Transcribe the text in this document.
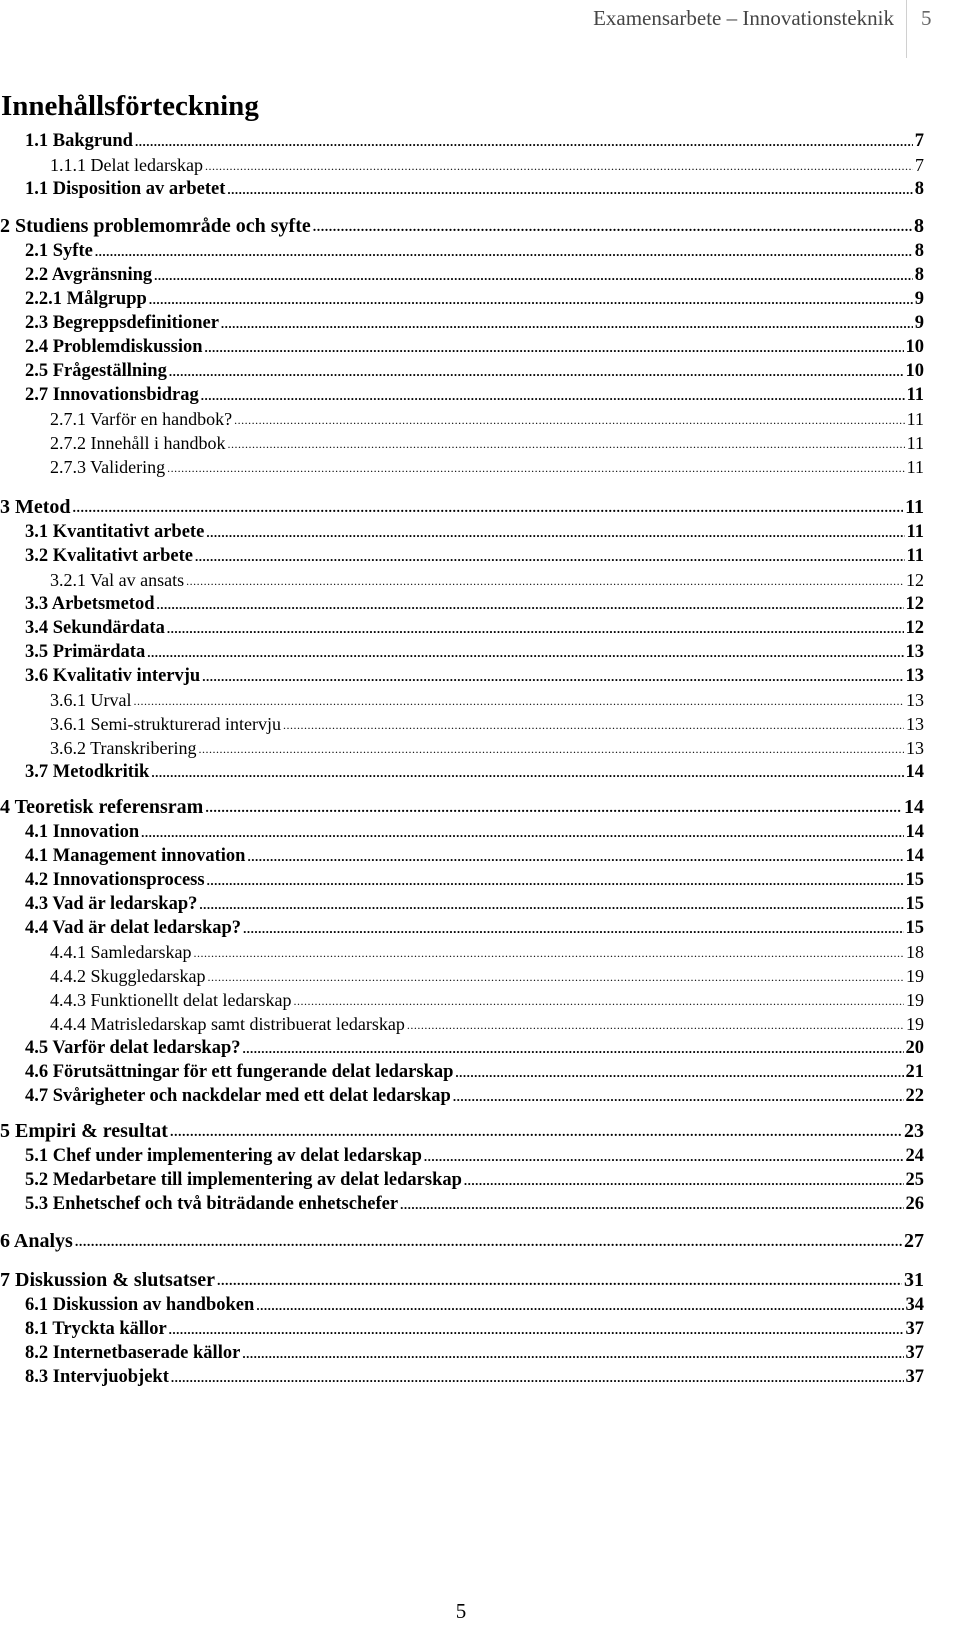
Examensarbete – Innovationsteknik 5
Innehållsförteckning
1.1 Bakgrund .....	7
1.1.1 Delat ledarskap .....	7
1.1 Disposition av arbetet .....	8
2 Studiens problemområde och syfte .....	8
2.1 Syfte .....	8
2.2 Avgränsning .....	8
2.2.1 Målgrupp .....	9
2.3 Begreppsdefinitioner .....	9
2.4 Problemdiskussion .....	10
2.5 Frågeställning .....	10
2.7 Innovationsbidrag .....	11
2.7.1 Varför en handbok? .....	11
2.7.2 Innehåll i handbok .....	11
2.7.3 Validering .....	11
3 Metod .....	11
3.1 Kvantitativt arbete .....	11
3.2 Kvalitativt arbete .....	11
3.2.1 Val av ansats .....	12
3.3 Arbetsmetod .....	12
3.4 Sekundärdata .....	12
3.5 Primärdata .....	13
3.6 Kvalitativ intervju .....	13
3.6.1 Urval .....	13
3.6.1 Semi-strukturerad intervju .....	13
3.6.2 Transkribering .....	13
3.7 Metodkritik .....	14
4 Teoretisk referensram .....	14
4.1 Innovation .....	14
4.1 Management innovation .....	14
4.2 Innovationsprocess .....	15
4.3 Vad är ledarskap? .....	15
4.4 Vad är delat ledarskap? .....	15
4.4.1 Samledarskap .....	18
4.4.2 Skuggledarskap .....	19
4.4.3 Funktionellt delat ledarskap .....	19
4.4.4 Matrisledarskap samt distribuerat ledarskap .....	19
4.5 Varför delat ledarskap? .....	20
4.6 Förutsättningar för ett fungerande delat ledarskap .....	21
4.7 Svårigheter och nackdelar med ett delat ledarskap .....	22
5 Empiri & resultat .....	23
5.1 Chef under implementering av delat ledarskap .....	24
5.2 Medarbetare till implementering av delat ledarskap .....	25
5.3 Enhetschef och två biträdande enhetschefer .....	26
6 Analys .....	27
7 Diskussion & slutsatser .....	31
6.1 Diskussion av handboken .....	34
8.1 Tryckta källor .....	37
8.2 Internetbaserade källor .....	37
8.3 Intervjuobjekt .....	37
5
